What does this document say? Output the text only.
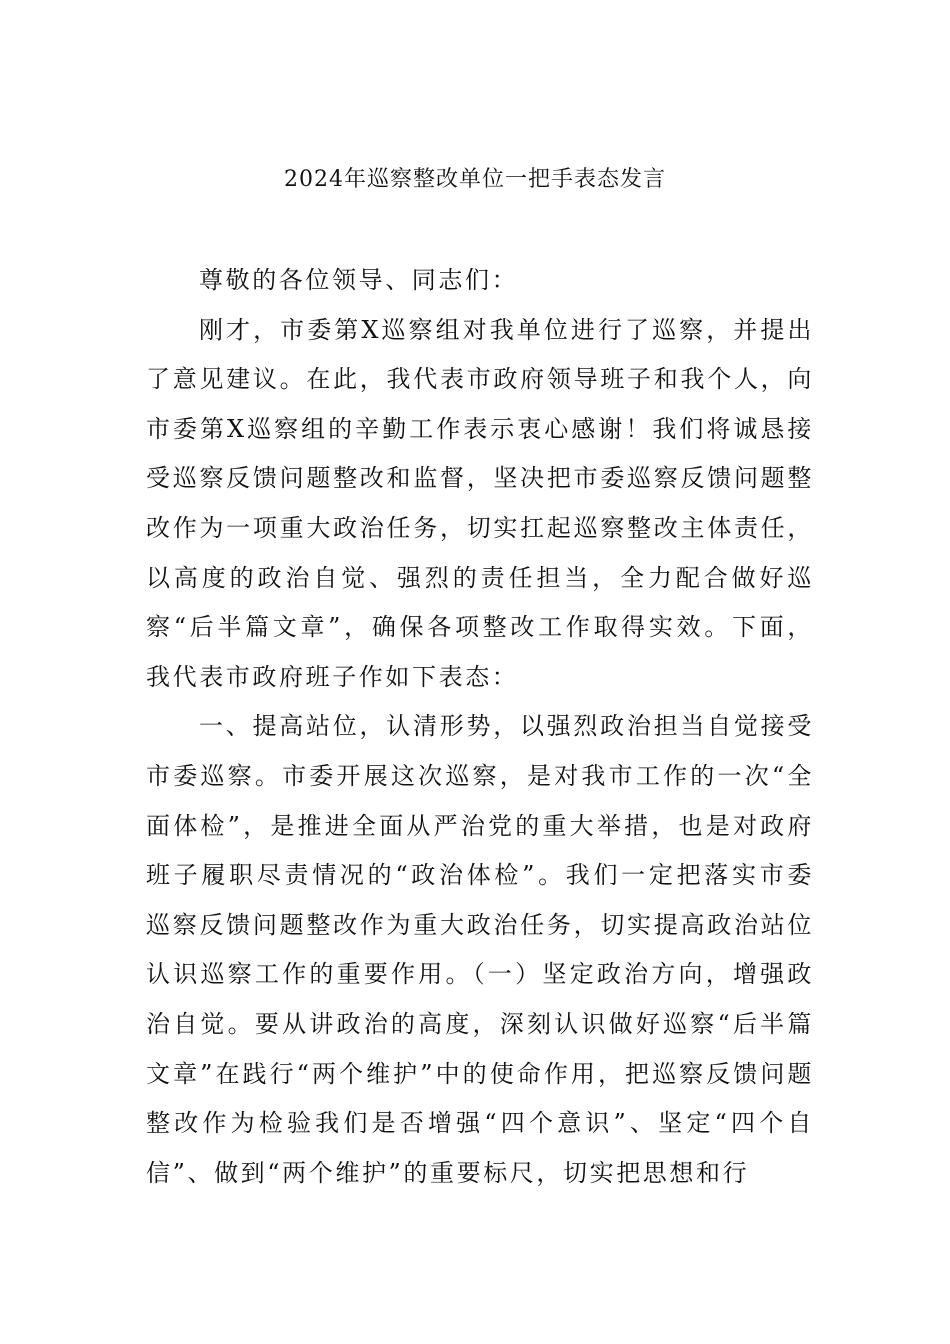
2024年巡察整改单位一把手表态发言

尊敬的各位领导、同志们：

刚才，市委第X巡察组对我单位进行了巡察，并提出了意见建议。在此，我代表市政府领导班子和我个人，向市委第X巡察组的辛勤工作表示衷心感谢！我们将诚恳接受巡察反馈问题整改和监督，坚决把市委巡察反馈问题整改作为一项重大政治任务，切实扛起巡察整改主体责任，以高度的政治自觉、强烈的责任担当，全力配合做好巡察“后半篇文章”，确保各项整改工作取得实效。下面，我代表市政府班子作如下表态：

一、提高站位，认清形势，以强烈政治担当自觉接受市委巡察。市委开展这次巡察，是对我市工作的一次“全面体检”，是推进全面从严治党的重大举措，也是对政府班子履职尽责情况的“政治体检”。我们一定把落实市委巡察反馈问题整改作为重大政治任务，切实提高政治站位认识巡察工作的重要作用。（一）坚定政治方向，增强政治自觉。要从讲政治的高度，深刻认识做好巡察“后半篇文章”在践行“两个维护”中的使命作用，把巡察反馈问题整改作为检验我们是否增强“四个意识”、坚定“四个自信”、做到“两个维护”的重要标尺，切实把思想和行
